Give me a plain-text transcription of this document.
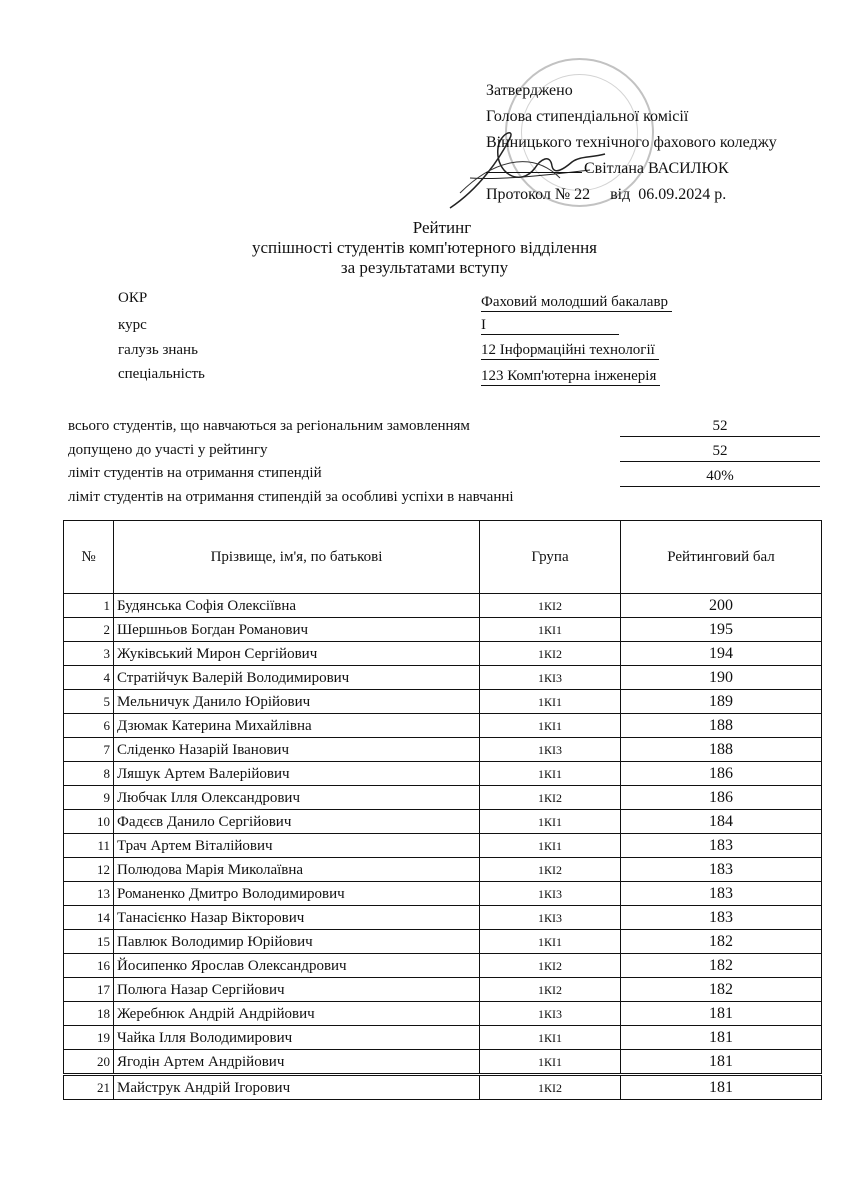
Затверджено
Голова стипендіальної комісії
Вінницького технічного фахового коледжу
Світлана ВАСИЛЮК
Протокол № 22     від  06.09.2024 р.
Рейтинг
успішності студентів комп'ютерного відділення
за результатами вступу
ОКР	Фаховий молодший бакалавр
курс	І
галузь знань	12 Інформаційні технології
спеціальність	123 Комп'ютерна інженерія
всього студентів, що навчаються за регіональним замовленням	52
допущено до участі у рейтингу	52
ліміт студентів на отримання стипендій	40%
ліміт студентів на отримання стипендій за особливі успіхи в навчанні
№	Прізвище, ім'я, по батькові	Група	Рейтинговий бал
1	Будянська Софія Олексіївна	1КІ2	200
2	Шершньов Богдан Романович	1КІ1	195
3	Жуківський Мирон Сергійович	1КІ2	194
4	Стратійчук Валерій Володимирович	1КІ3	190
5	Мельничук Данило Юрійович	1КІ1	189
6	Дзюмак Катерина Михайлівна	1КІ1	188
7	Сліденко Назарій Іванович	1КІ3	188
8	Ляшук Артем Валерійович	1КІ1	186
9	Любчак Ілля Олександрович	1КІ2	186
10	Фадєєв Данило Сергійович	1КІ1	184
11	Трач Артем Віталійович	1КІ1	183
12	Полюдова Марія Миколаївна	1КІ2	183
13	Романенко Дмитро Володимирович	1КІ3	183
14	Танасієнко Назар Вікторович	1КІ3	183
15	Павлюк Володимир Юрійович	1КІ1	182
16	Йосипенко Ярослав Олександрович	1КІ2	182
17	Полюга Назар Сергійович	1КІ2	182
18	Жеребнюк Андрій Андрійович	1КІ3	181
19	Чайка Ілля Володимирович	1КІ1	181
20	Ягодін Артем Андрійович	1КІ1	181
21	Майструк Андрій Ігорович	1КІ2	181
